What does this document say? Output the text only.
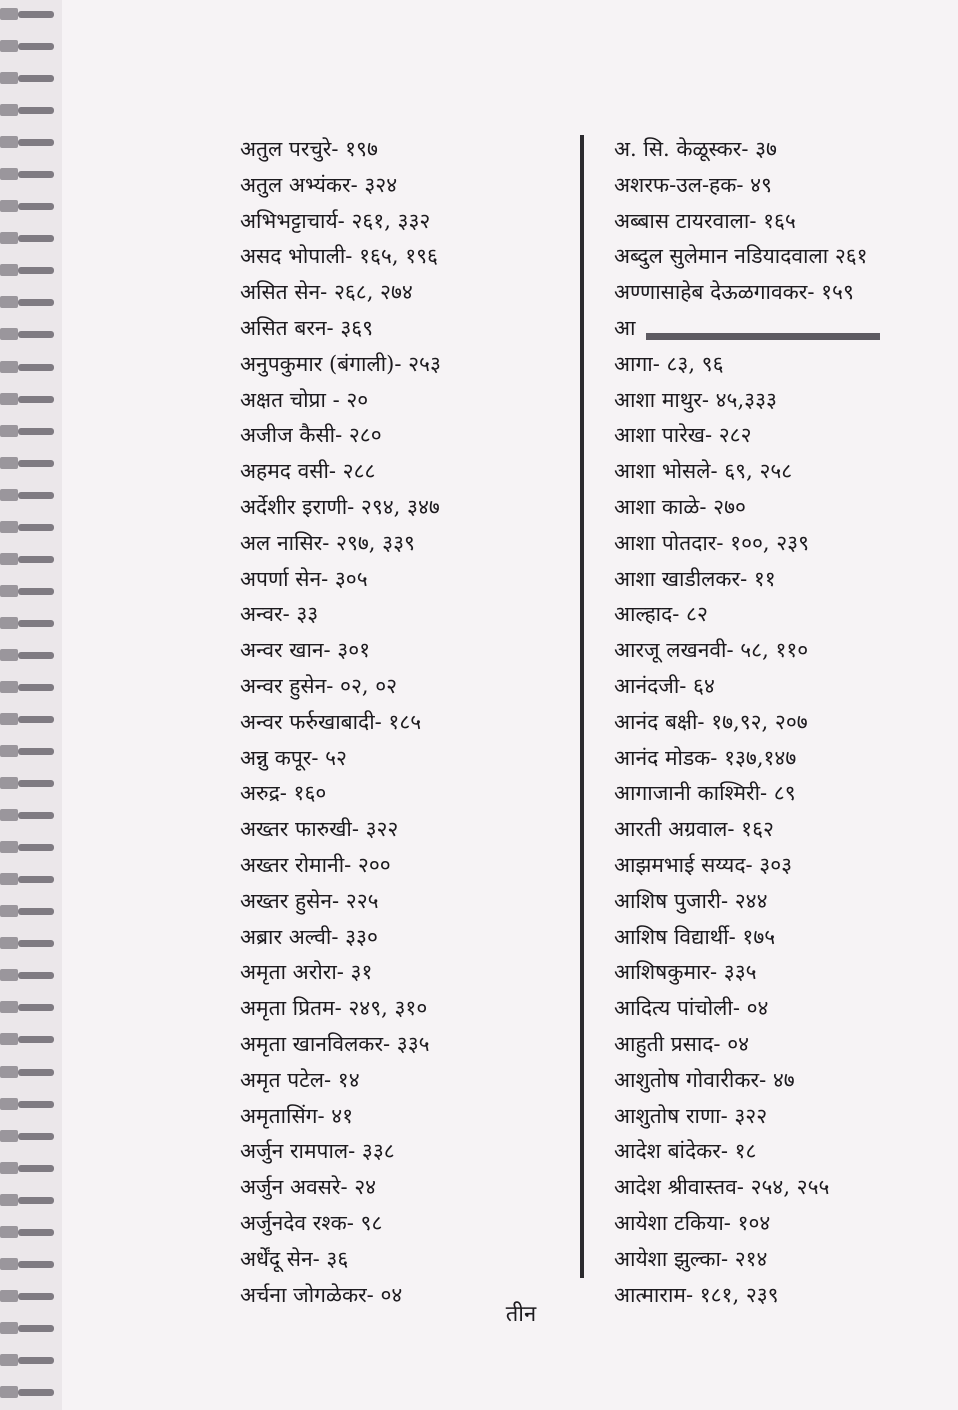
अतुल परचुरे- १९७
अतुल अभ्यंकर- ३२४
अभिभट्टाचार्य- २६१, ३३२
असद भोपाली- १६५, १९६
असित सेन- २६८, २७४
असित बरन- ३६९
अनुपकुमार (बंगाली)- २५३
अक्षत चोप्रा - २०
अजीज कैसी- २८०
अहमद वसी- २८८
अर्देशीर इराणी- २९४, ३४७
अल नासिर- २९७, ३३९
अपर्णा सेन- ३०५
अन्वर- ३३
अन्वर खान- ३०१
अन्वर हुसेन- ०२, ०२
अन्वर फर्रुखाबादी- १८५
अन्नु कपूर- ५२
अरुद्र- १६०
अख्तर फारुखी- ३२२
अख्तर रोमानी- २००
अख्तर हुसेन- २२५
अब्रार अल्वी- ३३०
अमृता अरोरा- ३१
अमृता प्रितम- २४९, ३१०
अमृता खानविलकर- ३३५
अमृत पटेल- १४
अमृतासिंग- ४१
अर्जुन रामपाल- ३३८
अर्जुन अवसरे- २४
अर्जुनदेव रश्क- ९८
अर्धेंदू सेन- ३६
अर्चना जोगळेकर- ०४
अ. सि. केळूस्कर- ३७
अशरफ-उल-हक- ४९
अब्बास टायरवाला- १६५
अब्दुल सुलेमान नडियादवाला २६१
अण्णासाहेब देऊळगावकर- १५९
आ
आगा- ८३, ९६
आशा माथुर- ४५,३३३
आशा पारेख- २८२
आशा भोसले- ६९, २५८
आशा काळे- २७०
आशा पोतदार- १००, २३९
आशा खाडीलकर- ११
आल्हाद- ८२
आरजू लखनवी- ५८, ११०
आनंदजी- ६४
आनंद बक्षी- १७,९२, २०७
आनंद मोडक- १३७,१४७
आगाजानी काश्मिरी- ८९
आरती अग्रवाल- १६२
आझमभाई सय्यद- ३०३
आशिष पुजारी- २४४
आशिष विद्यार्थी- १७५
आशिषकुमार- ३३५
आदित्य पांचोली- ०४
आहुती प्रसाद- ०४
आशुतोष गोवारीकर- ४७
आशुतोष राणा- ३२२
आदेश बांदेकर- १८
आदेश श्रीवास्तव- २५४, २५५
आयेशा टकिया- १०४
आयेशा झुल्का- २१४
आत्माराम- १८१, २३९
तीन
